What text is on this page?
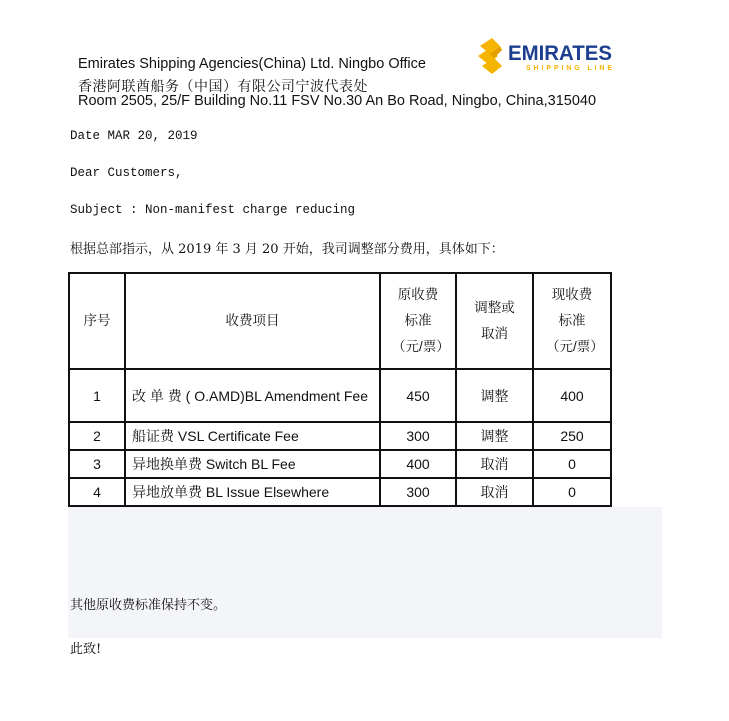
Emirates Shipping Agencies(China) Ltd. Ningbo Office
香港阿联酋船务（中国）有限公司宁波代表处
Room 2505, 25/F Building No.11 FSV No.30 An Bo Road, Ningbo, China,315040
EMIRATES
SHIPPING LINE
Date MAR 20, 2019
Dear Customers,
Subject : Non-manifest charge reducing
根据总部指示，从 2019 年 3 月 20 开始，我司调整部分费用，具体如下：
序号	收费项目	原收费标准（元/票）	调整或取消	现收费标准（元/票）

1	改 单 费 ( O.AMD)BL Amendment Fee	450	调整	400
2	船证费 VSL Certificate Fee	300	调整	250
3	异地换单费 Switch BL Fee	400	取消	0
4	异地放单费 BL Issue Elsewhere	300	取消	0
其他原收费标准保持不变。
此致!
